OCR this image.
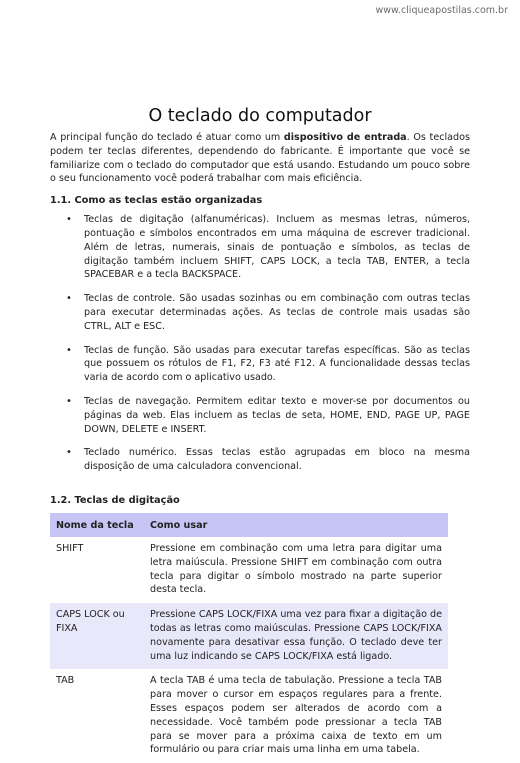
www.cliqueapostilas.com.br
O teclado do computador

A principal função do teclado é atuar como um dispositivo de entrada. Os teclados podem ter teclas diferentes, dependendo do fabricante. É importante que você se familiarize com o teclado do computador que está usando. Estudando um pouco sobre o seu funcionamento você poderá trabalhar com mais eficiência.

1.1. Como as teclas estão organizadas
• Teclas de digitação (alfanuméricas). Incluem as mesmas letras, números, pontuação e símbolos encontrados em uma máquina de escrever tradicional. Além de letras, numerais, sinais de pontuação e símbolos, as teclas de digitação também incluem SHIFT, CAPS LOCK, a tecla TAB, ENTER, a tecla SPACEBAR e a tecla BACKSPACE.
• Teclas de controle. São usadas sozinhas ou em combinação com outras teclas para executar determinadas ações. As teclas de controle mais usadas são CTRL, ALT e ESC.
• Teclas de função. São usadas para executar tarefas específicas. São as teclas que possuem os rótulos de F1, F2, F3 até F12. A funcionalidade dessas teclas varia de acordo com o aplicativo usado.
• Teclas de navegação. Permitem editar texto e mover-se por documentos ou páginas da web. Elas incluem as teclas de seta, HOME, END, PAGE UP, PAGE DOWN, DELETE e INSERT.
• Teclado numérico. Essas teclas estão agrupadas em bloco na mesma disposição de uma calculadora convencional.
1.2. Teclas de digitação
Nome da tecla	Como usar
SHIFT	Pressione em combinação com uma letra para digitar uma letra maiúscula. Pressione SHIFT em combinação com outra tecla para digitar o símbolo mostrado na parte superior desta tecla.
CAPS LOCK ou FIXA	Pressione CAPS LOCK/FIXA uma vez para fixar a digitação de todas as letras como maiúsculas. Pressione CAPS LOCK/FIXA novamente para desativar essa função. O teclado deve ter uma luz indicando se CAPS LOCK/FIXA está ligado.
TAB	A tecla TAB é uma tecla de tabulação. Pressione a tecla TAB para mover o cursor em espaços regulares para a frente. Esses espaços podem ser alterados de acordo com a necessidade. Você também pode pressionar a tecla TAB para se mover para a próxima caixa de texto em um formulário ou para criar mais uma linha em uma tabela.
